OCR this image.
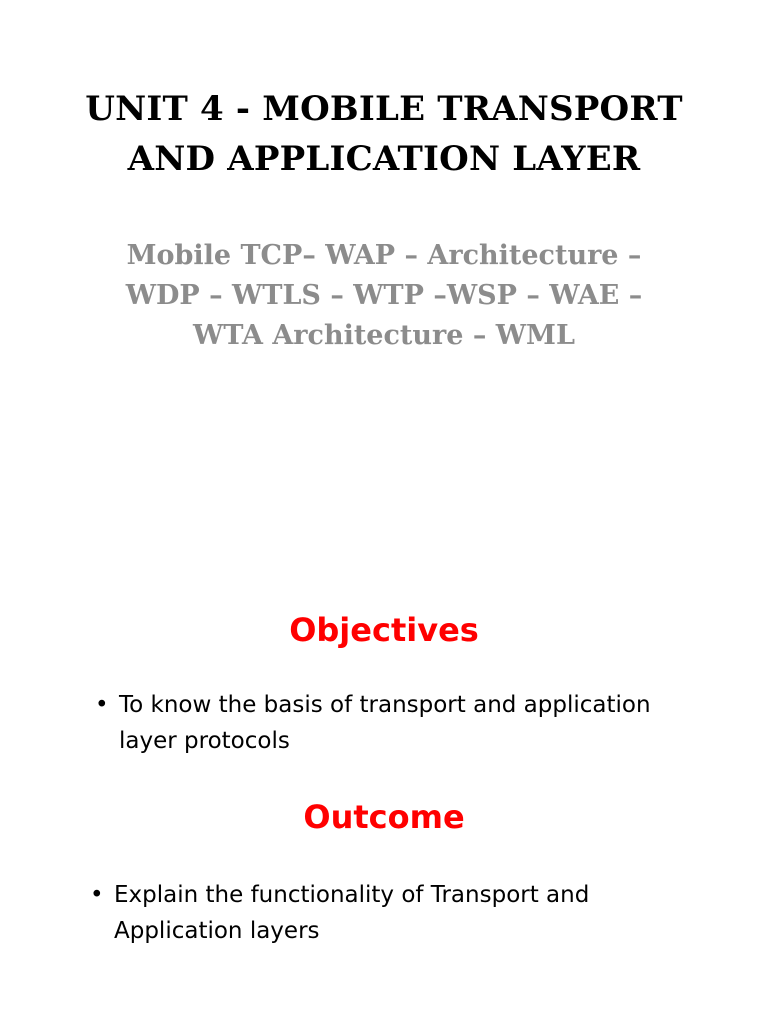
UNIT 4 - MOBILE TRANSPORT
AND APPLICATION LAYER
Mobile TCP– WAP – Architecture –
WDP – WTLS – WTP –WSP – WAE –
WTA Architecture – WML
Objectives
• To know the basis of transport and application layer protocols
Outcome
• Explain the functionality of Transport and Application layers
